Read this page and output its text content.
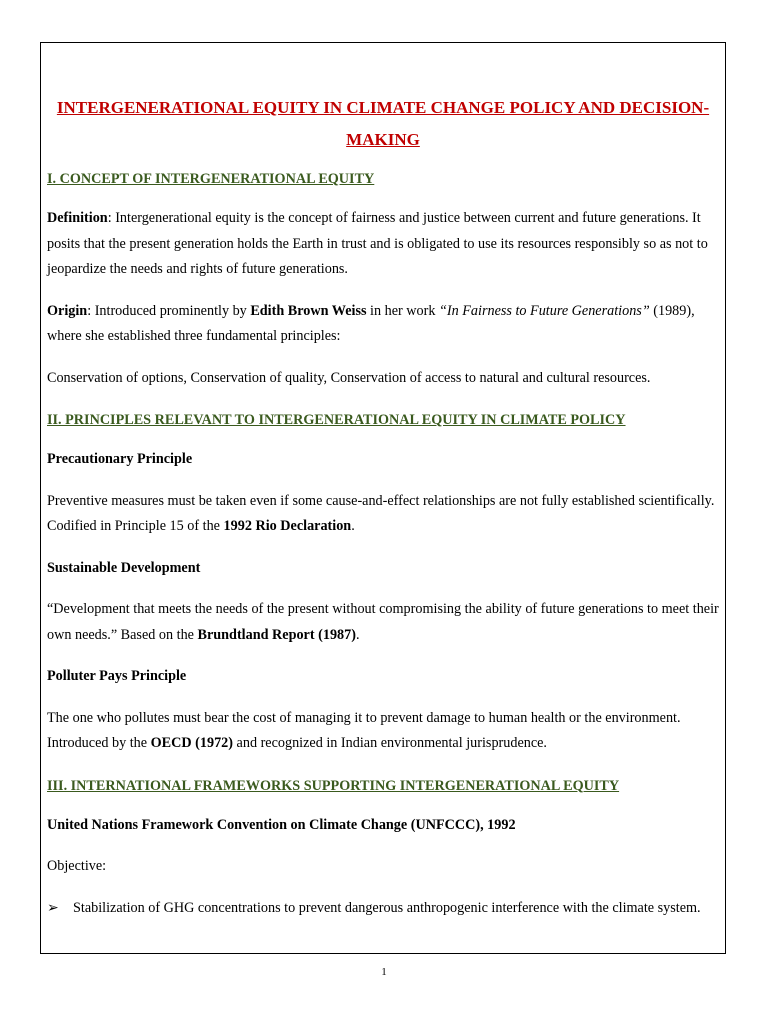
INTERGENERATIONAL EQUITY IN CLIMATE CHANGE POLICY AND DECISION-MAKING
I. CONCEPT OF INTERGENERATIONAL EQUITY

Definition: Intergenerational equity is the concept of fairness and justice between current and future generations. It posits that the present generation holds the Earth in trust and is obligated to use its resources responsibly so as not to jeopardize the needs and rights of future generations.

Origin: Introduced prominently by Edith Brown Weiss in her work “In Fairness to Future Generations” (1989), where she established three fundamental principles:

Conservation of options, Conservation of quality, Conservation of access to natural and cultural resources.

II. PRINCIPLES RELEVANT TO INTERGENERATIONAL EQUITY IN CLIMATE POLICY

Precautionary Principle

Preventive measures must be taken even if some cause-and-effect relationships are not fully established scientifically. Codified in Principle 15 of the 1992 Rio Declaration.

Sustainable Development

“Development that meets the needs of the present without compromising the ability of future generations to meet their own needs.” Based on the Brundtland Report (1987).

Polluter Pays Principle

The one who pollutes must bear the cost of managing it to prevent damage to human health or the environment. Introduced by the OECD (1972) and recognized in Indian environmental jurisprudence.

III. INTERNATIONAL FRAMEWORKS SUPPORTING INTERGENERATIONAL EQUITY

United Nations Framework Convention on Climate Change (UNFCCC), 1992

Objective:

➢ Stabilization of GHG concentrations to prevent dangerous anthropogenic interference with the climate system.
1
